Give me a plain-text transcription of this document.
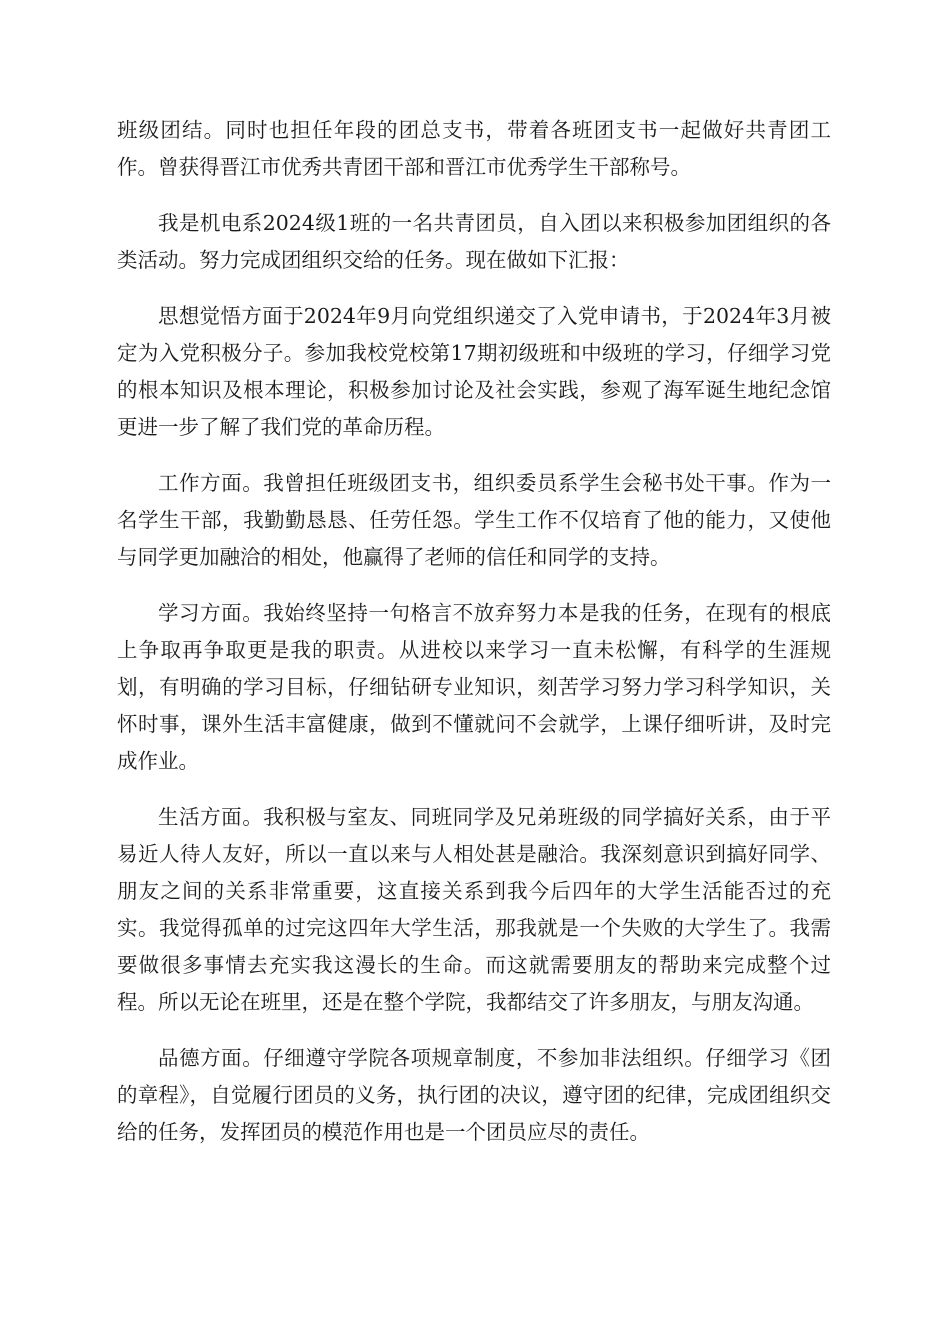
班级团结。同时也担任年段的团总支书，带着各班团支书一起做好共青团工作。曾获得晋江市优秀共青团干部和晋江市优秀学生干部称号。

我是机电系2024级1班的一名共青团员，自入团以来积极参加团组织的各类活动。努力完成团组织交给的任务。现在做如下汇报：

思想觉悟方面于2024年9月向党组织递交了入党申请书，于2024年3月被定为入党积极分子。参加我校党校第17期初级班和中级班的学习，仔细学习党的根本知识及根本理论，积极参加讨论及社会实践，参观了海军诞生地纪念馆更进一步了解了我们党的革命历程。

工作方面。我曾担任班级团支书，组织委员系学生会秘书处干事。作为一名学生干部，我勤勤恳恳、任劳任怨。学生工作不仅培育了他的能力，又使他与同学更加融洽的相处，他赢得了老师的信任和同学的支持。

学习方面。我始终坚持一句格言不放弃努力本是我的任务，在现有的根底上争取再争取更是我的职责。从进校以来学习一直未松懈，有科学的生涯规划，有明确的学习目标，仔细钻研专业知识，刻苦学习努力学习科学知识，关怀时事，课外生活丰富健康，做到不懂就问不会就学，上课仔细听讲，及时完成作业。

生活方面。我积极与室友、同班同学及兄弟班级的同学搞好关系，由于平易近人待人友好，所以一直以来与人相处甚是融洽。我深刻意识到搞好同学、朋友之间的关系非常重要，这直接关系到我今后四年的大学生活能否过的充实。我觉得孤单的过完这四年大学生活，那我就是一个失败的大学生了。我需要做很多事情去充实我这漫长的生命。而这就需要朋友的帮助来完成整个过程。所以无论在班里，还是在整个学院，我都结交了许多朋友，与朋友沟通。

品德方面。仔细遵守学院各项规章制度，不参加非法组织。仔细学习《团的章程》，自觉履行团员的义务，执行团的决议，遵守团的纪律，完成团组织交给的任务，发挥团员的模范作用也是一个团员应尽的责任。
